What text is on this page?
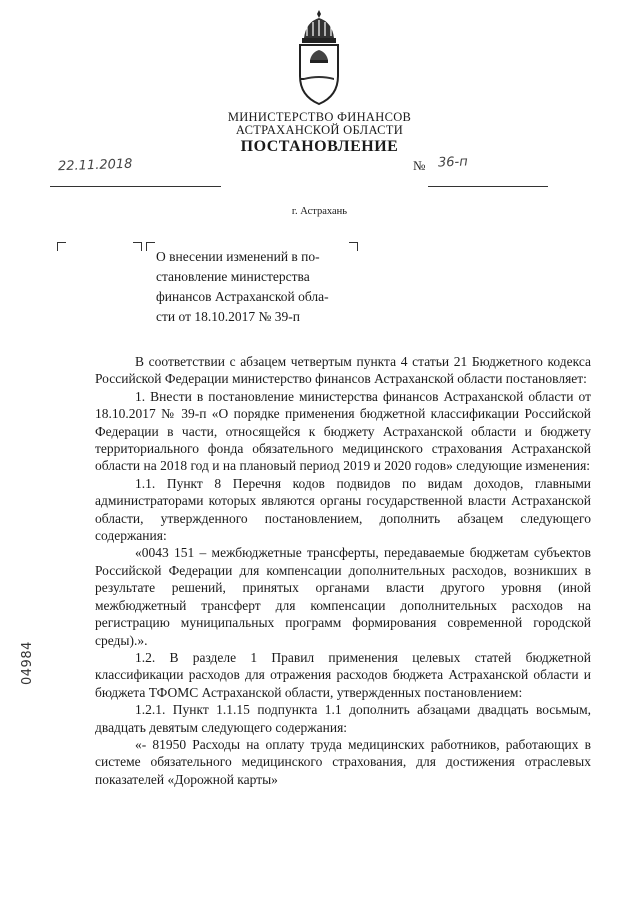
МИНИСТЕРСТВО ФИНАНСОВ
АСТРАХАНСКОЙ ОБЛАСТИ
ПОСТАНОВЛЕНИЕ
22.11.2018	№ 36-п
г. Астрахань

О внесении изменений в по-

становление министерства

финансов Астраханской обла-

сти от 18.10.2017 № 39-п

В соответствии с абзацем четвертым пункта 4 статьи 21 Бюджетного кодекса Российской Федерации министерство финансов Астраханской области постановляет:

1. Внести в постановление министерства финансов Астраханской области от 18.10.2017 № 39-п «О порядке применения бюджетной классификации Российской Федерации в части, относящейся к бюджету Астраханской области и бюджету территориального фонда обязательного медицинского страхования Астраханской области на 2018 год и на плановый период 2019 и 2020 годов» следующие изменения:

1.1. Пункт 8 Перечня кодов подвидов по видам доходов, главными администраторами которых являются органы государственной власти Астраханской области, утвержденного постановлением, дополнить абзацем следующего содержания:

«0043 151 – межбюджетные трансферты, передаваемые бюджетам субъектов Российской Федерации для компенсации дополнительных расходов, возникших в результате решений, принятых органами власти другого уровня (иной межбюджетный трансферт для компенсации дополнительных расходов на регистрацию муниципальных программ формирования современной городской среды).».

1.2. В разделе 1 Правил применения целевых статей бюджетной классификации расходов для отражения расходов бюджета Астраханской области и бюджета ТФОМС Астраханской области, утвержденных постановлением:

1.2.1. Пункт 1.1.15 подпункта 1.1 дополнить абзацами двадцать восьмым, двадцать девятым следующего содержания:

«- 81950 Расходы на оплату труда медицинских работников, работающих в системе обязательного медицинского страхования, для достижения отраслевых показателей «Дорожной карты»

04984
